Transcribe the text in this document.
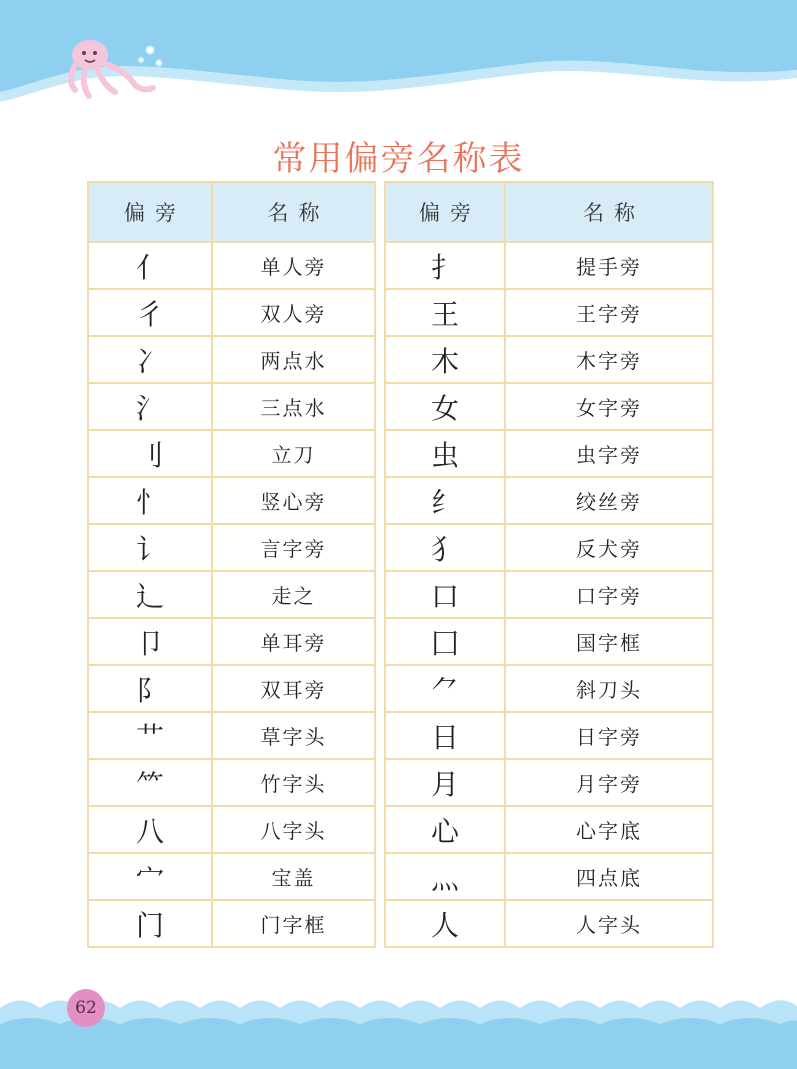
常用偏旁名称表
偏旁	名称
亻	单人旁
彳	双人旁
冫	两点水
氵	三点水
刂	立刀
忄	竖心旁
讠	言字旁
辶	走之
卩	单耳旁
阝	双耳旁
艹	草字头
⺮	竹字头
八	八字头
宀	宝盖
门	门字框
偏旁	名称
扌	提手旁
王	王字旁
木	木字旁
女	女字旁
虫	虫字旁
纟	绞丝旁
犭	反犬旁
口	口字旁
囗	国字框
⺈	斜刀头
日	日字旁
月	月字旁
心	心字底
灬	四点底
人	人字头
62
